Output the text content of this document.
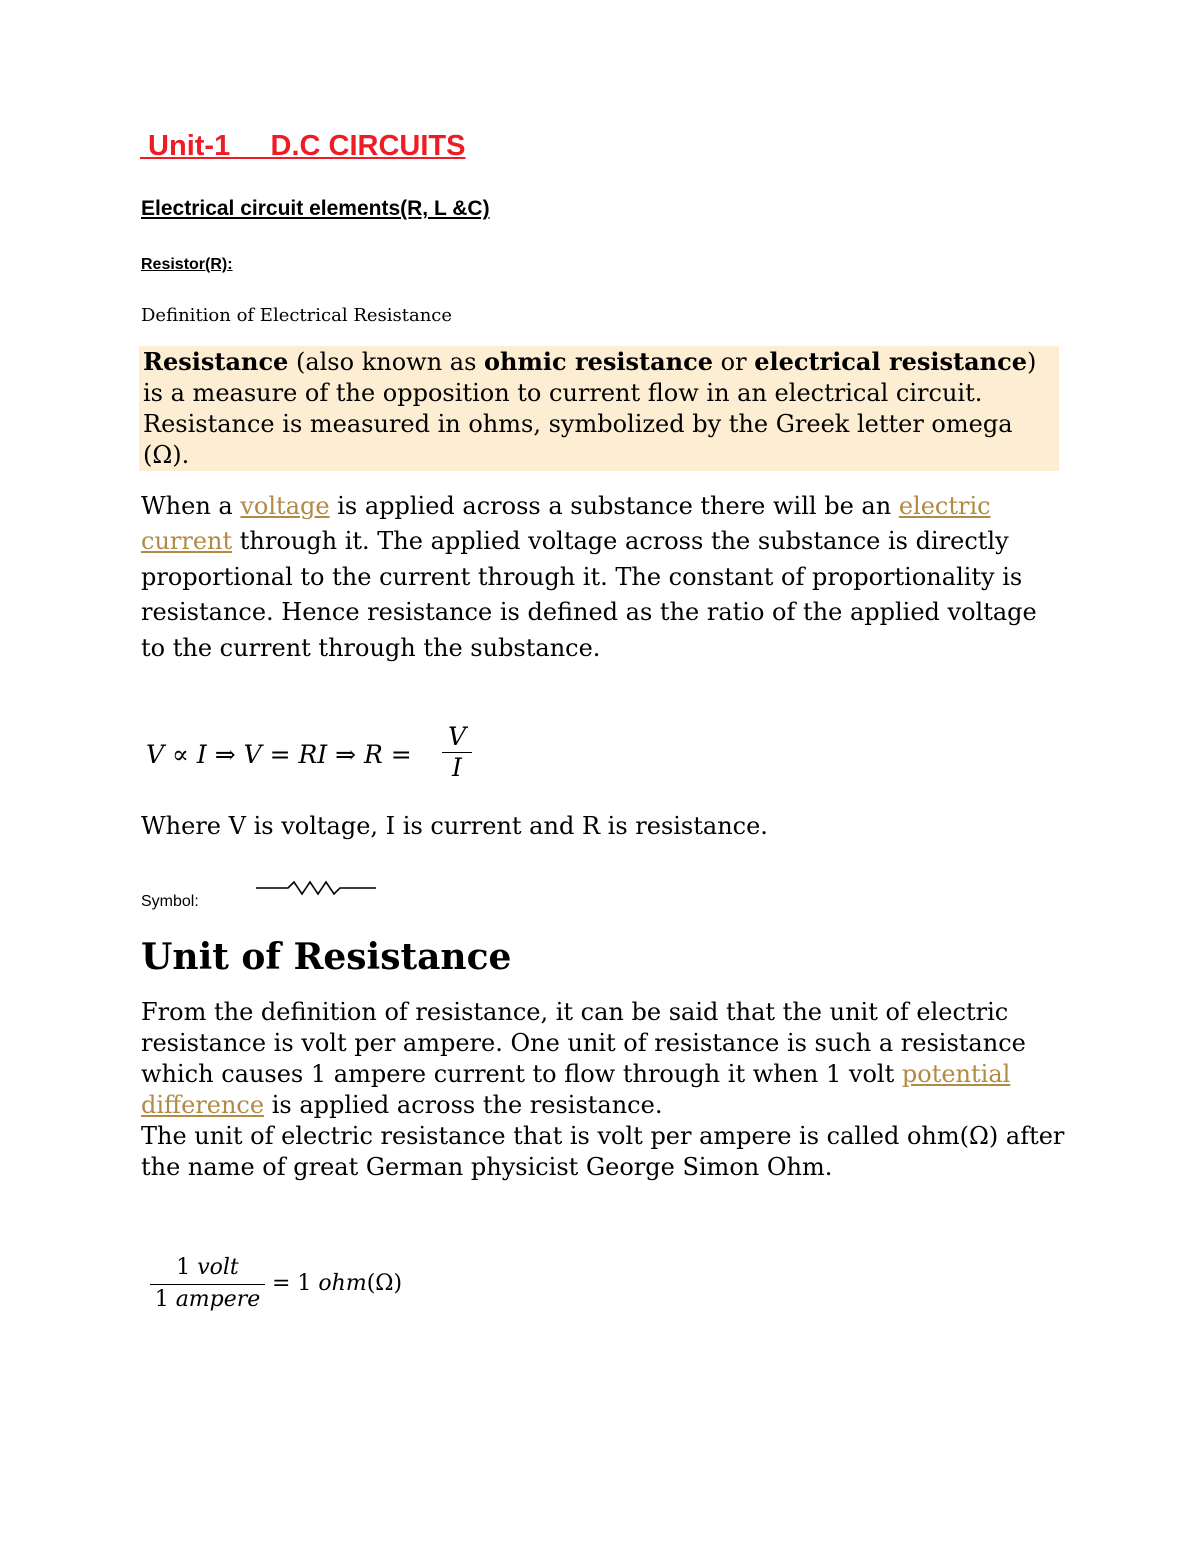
Unit-1     D.C CIRCUITS
Electrical circuit elements(R, L &C)
Resistor(R):

Definition of Electrical Resistance

Resistance (also known as ohmic resistance or electrical resistance) is a measure of the opposition to current flow in an electrical circuit. Resistance is measured in ohms, symbolized by the Greek letter omega (Ω).

When a voltage is applied across a substance there will be an electric current through it. The applied voltage across the substance is directly proportional to the current through it. The constant of proportionality is resistance. Hence resistance is defined as the ratio of the applied voltage to the current through the substance.

V ∝ I ⇒ V = RI ⇒ R =
V
I

Where V is voltage, I is current and R is resistance.

Symbol:

Unit of Resistance

From the definition of resistance, it can be said that the unit of electric resistance is volt per ampere. One unit of resistance is such a resistance which causes 1 ampere current to flow through it when 1 volt potential difference is applied across the resistance.
The unit of electric resistance that is volt per ampere is called ohm(Ω) after the name of great German physicist George Simon Ohm.

1 volt
1 ampere
= 1 ohm(Ω)
